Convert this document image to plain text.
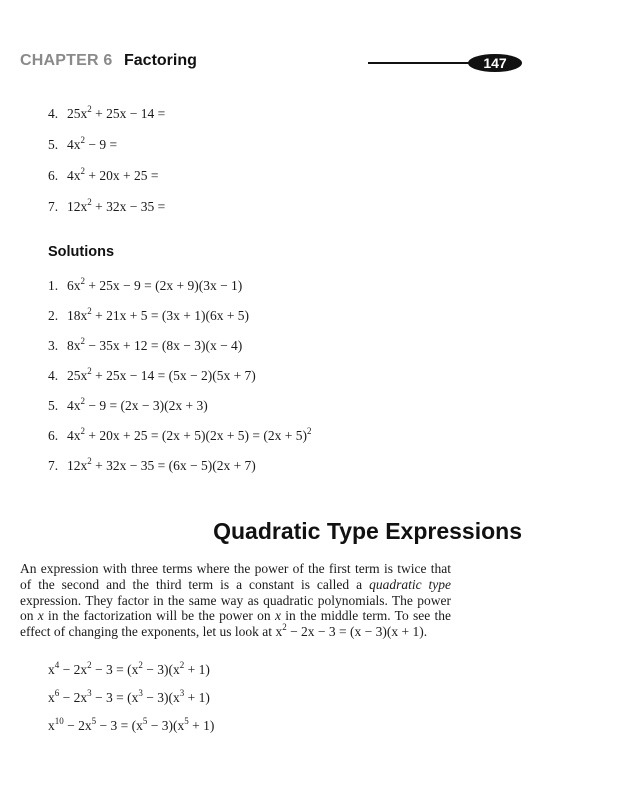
CHAPTER 6 Factoring	147
4. $25x^2 + 25x - 14$ =
5. $4x^2 - 9$ =
6. $4x^2 + 20x + 25$ =
7. $12x^2 + 32x - 35$ =
Solutions
1. $6x^2 + 25x - 9 = (2x + 9)(3x - 1)$
2. $18x^2 + 21x + 5 = (3x + 1)(6x + 5)$
3. $8x^2 - 35x + 12 = (8x - 3)(x - 4)$
4. $25x^2 + 25x - 14 = (5x - 2)(5x + 7)$
5. $4x^2 - 9 = (2x - 3)(2x + 3)$
6. $4x^2 + 20x + 25 = (2x + 5)(2x + 5) = (2x + 5)^2$
7. $12x^2 + 32x - 35 = (6x - 5)(2x + 7)$
Quadratic Type Expressions

An expression with three terms where the power of the first term is twice that of the second and the third term is a constant is called a quadratic type expression. They factor in the same way as quadratic polynomials. The power on x in the factorization will be the power on x in the middle term. To see the effect of changing the exponents, let us look at $x^2 - 2x - 3 = (x - 3)(x + 1)$.

$x^4 - 2x^2 - 3 = (x^2 - 3)(x^2 + 1)$
$x^6 - 2x^3 - 3 = (x^3 - 3)(x^3 + 1)$
$x^{10} - 2x^5 - 3 = (x^5 - 3)(x^5 + 1)$
